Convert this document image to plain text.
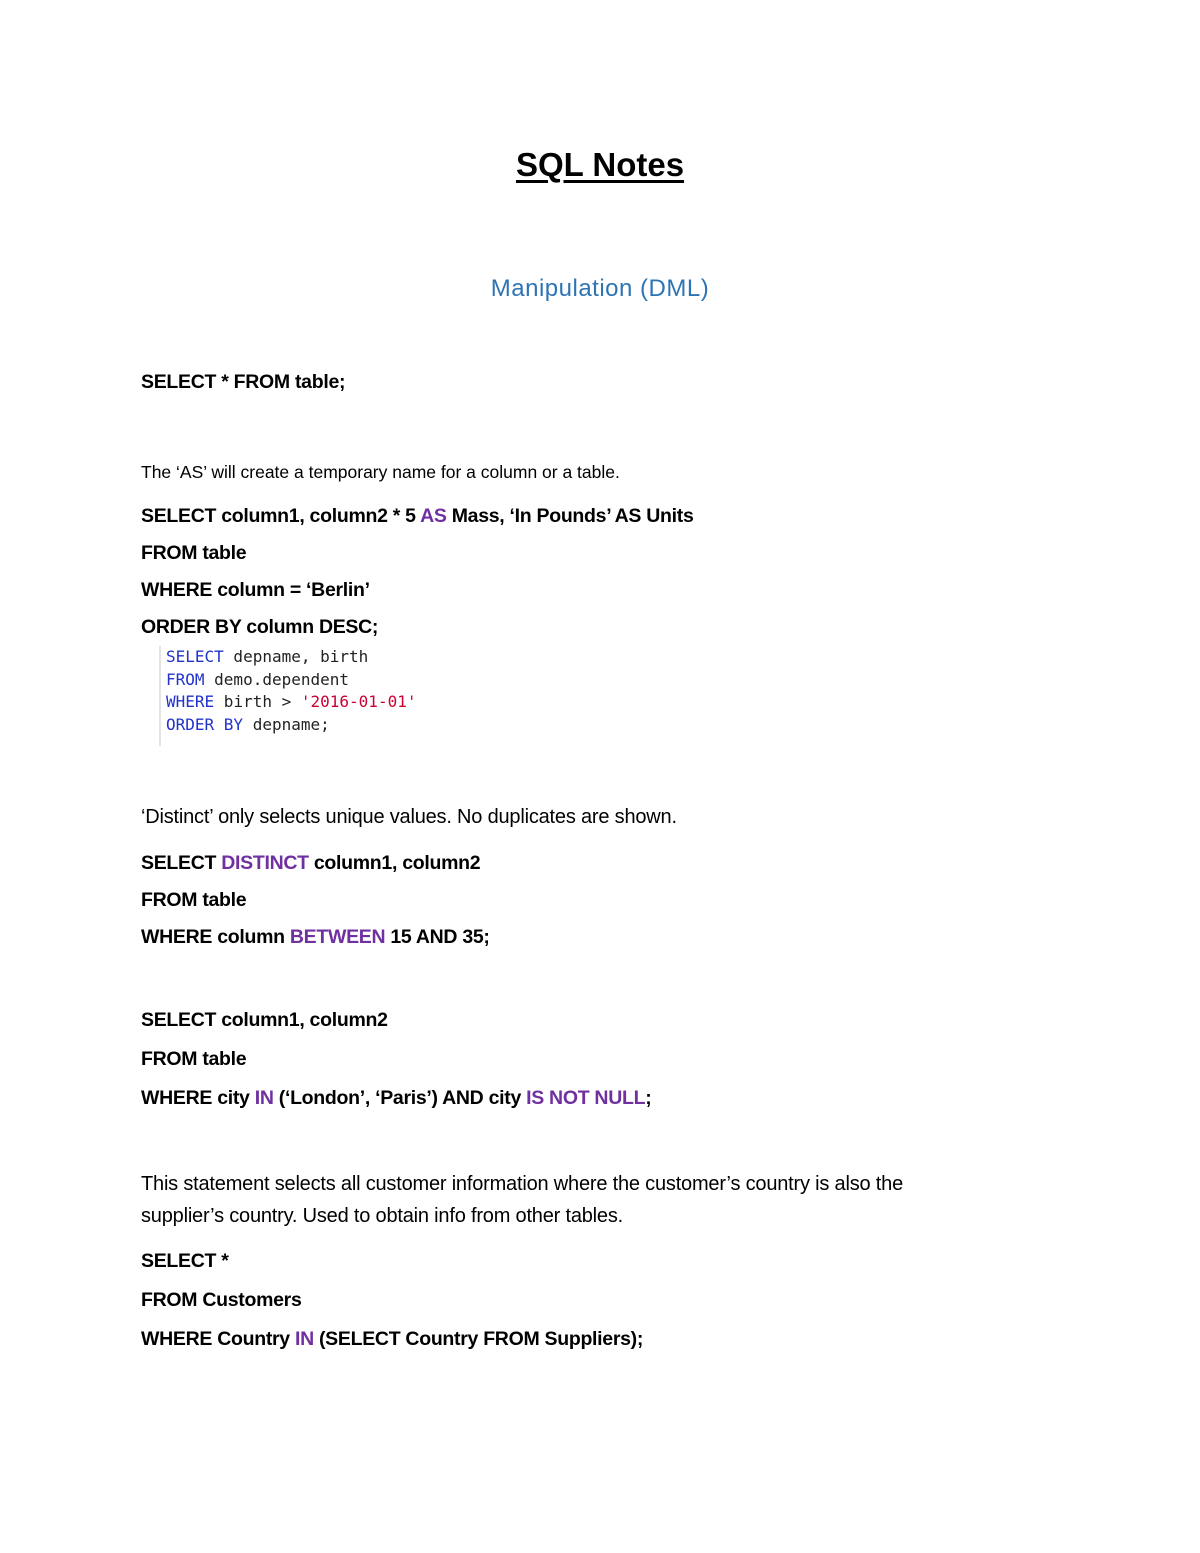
SQL Notes
Manipulation (DML)
SELECT * FROM table;
The ‘AS’ will create a temporary name for a column or a table.
SELECT column1, column2 * 5 AS Mass, ‘In Pounds’ AS Units
FROM table
WHERE column = ‘Berlin’
ORDER BY column DESC;
SELECT depname, birth
FROM demo.dependent
WHERE birth > '2016-01-01'
ORDER BY depname;
‘Distinct’ only selects unique values. No duplicates are shown.
SELECT DISTINCT column1, column2
FROM table
WHERE column BETWEEN 15 AND 35;
SELECT column1, column2
FROM table
WHERE city IN (‘London’, ‘Paris’) AND city IS NOT NULL;
This statement selects all customer information where the customer’s country is also the
supplier’s country. Used to obtain info from other tables.
SELECT *
FROM Customers
WHERE Country IN (SELECT Country FROM Suppliers);
